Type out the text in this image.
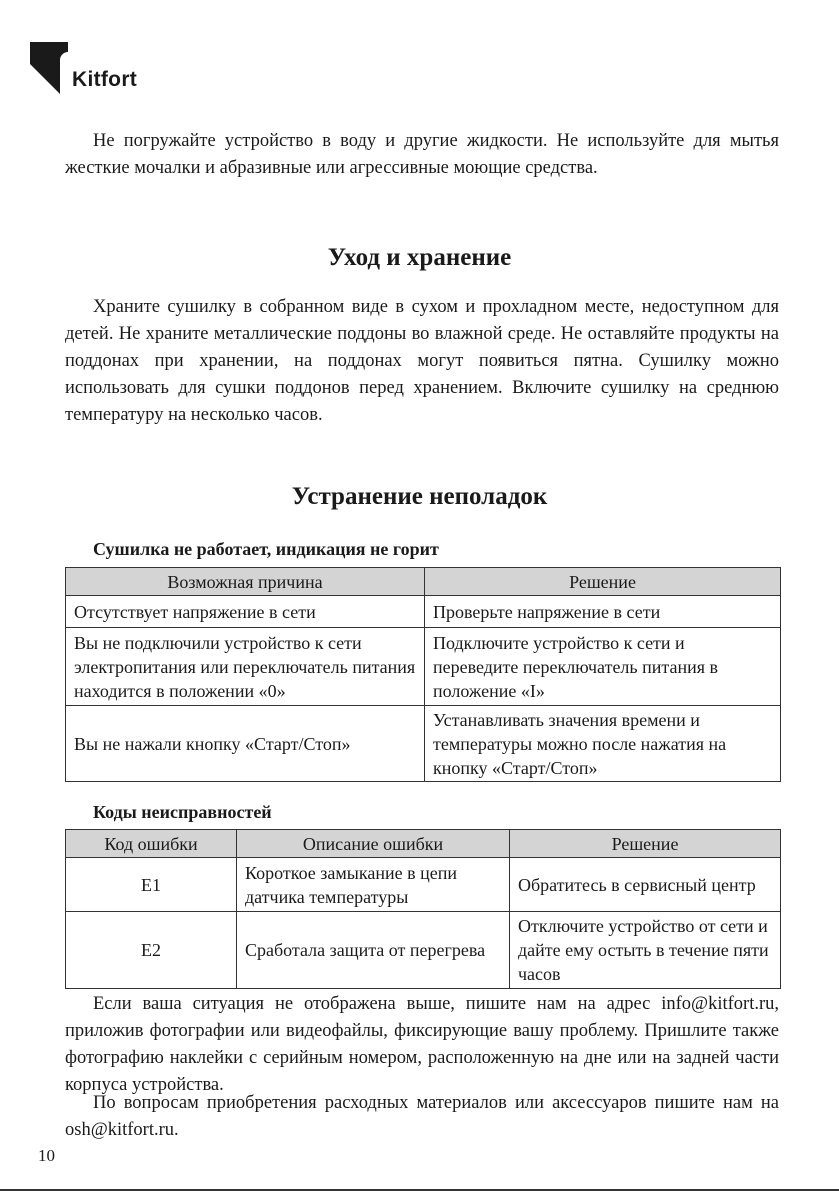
Kitfort

Не погружайте устройство в воду и другие жидкости. Не используйте для мытья жесткие мочалки и абразивные или агрессивные моющие средства.

Уход и хранение

Храните сушилку в собранном виде в сухом и прохладном месте, недоступном для детей. Не храните металлические поддоны во влажной среде. Не оставляйте продукты на поддонах при хранении, на поддонах могут появиться пятна. Сушилку можно использовать для сушки поддонов перед хранением. Включите сушилку на среднюю температуру на несколько часов.

Устранение неполадок
Сушилка не работает, индикация не горит
Возможная причина	Решение
Отсутствует напряжение в сети	Проверьте напряжение в сети
Вы не подключили устройство к сети электропитания или переключатель питания находится в положении «0»	Подключите устройство к сети и переведите переключатель питания в положение «I»
Вы не нажали кнопку «Старт/Стоп»	Устанавливать значения времени и температуры можно после нажатия на кнопку «Старт/Стоп»
Коды неисправностей
Код ошибки	Описание ошибки	Решение
E1	Короткое замыкание в цепи датчика температуры	Обратитесь в сервисный центр
E2	Сработала защита от перегрева	Отключите устройство от сети и дайте ему остыть в течение пяти часов

Если ваша ситуация не отображена выше, пишите нам на адрес info@kitfort.ru, приложив фотографии или видеофайлы, фиксирующие вашу проблему. Пришлите также фотографию наклейки с серийным номером, расположенную на дне или на задней части корпуса устройства.

По вопросам приобретения расходных материалов или аксессуаров пишите нам на osh@kitfort.ru.

10
